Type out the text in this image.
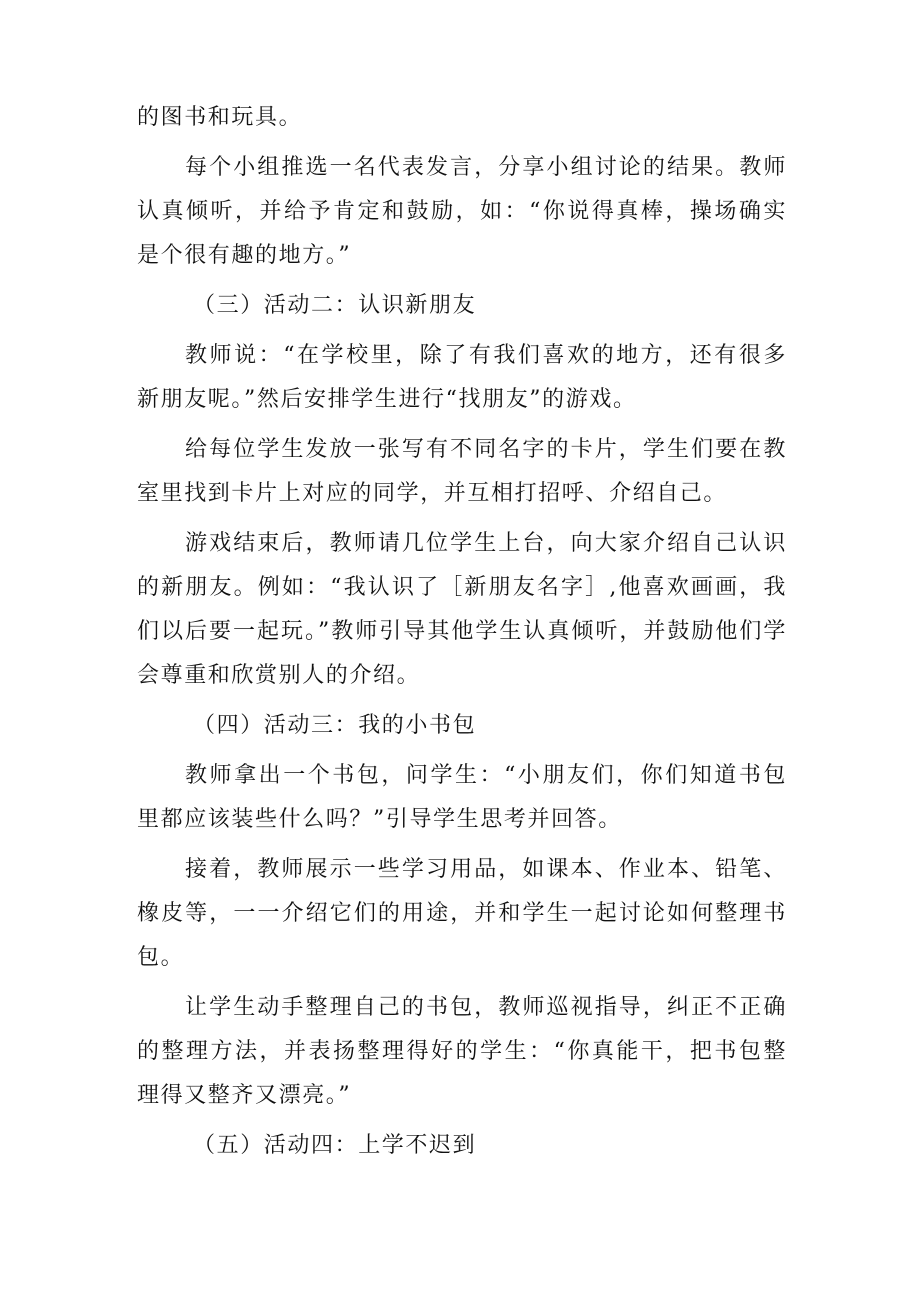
的图书和玩具。

每个小组推选一名代表发言，分享小组讨论的结果。教师认真倾听，并给予肯定和鼓励，如：“你说得真棒，操场确实是个很有趣的地方。”

（三）活动二：认识新朋友

教师说：“在学校里，除了有我们喜欢的地方，还有很多新朋友呢。”然后安排学生进行“找朋友”的游戏。

给每位学生发放一张写有不同名字的卡片，学生们要在教室里找到卡片上对应的同学，并互相打招呼、介绍自己。

游戏结束后，教师请几位学生上台，向大家介绍自己认识的新朋友。例如：“我认识了［新朋友名字］,他喜欢画画，我们以后要一起玩。”教师引导其他学生认真倾听，并鼓励他们学会尊重和欣赏别人的介绍。

（四）活动三：我的小书包

教师拿出一个书包，问学生：“小朋友们，你们知道书包里都应该装些什么吗？”引导学生思考并回答。

接着，教师展示一些学习用品，如课本、作业本、铅笔、橡皮等，一一介绍它们的用途，并和学生一起讨论如何整理书包。

让学生动手整理自己的书包，教师巡视指导，纠正不正确的整理方法，并表扬整理得好的学生：“你真能干，把书包整理得又整齐又漂亮。”

（五）活动四：上学不迟到
